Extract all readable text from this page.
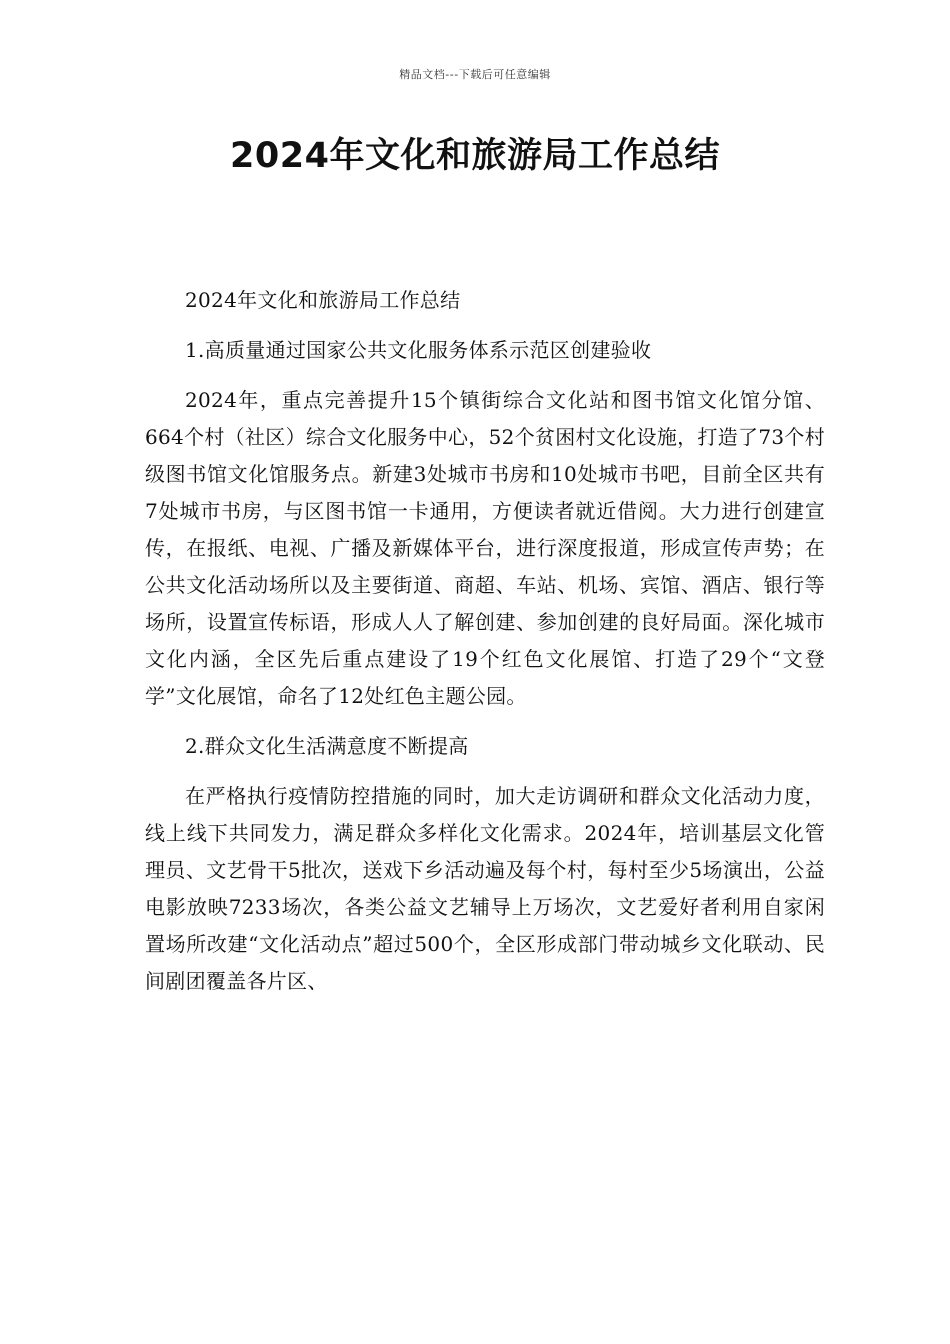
精品文档---下载后可任意编辑
2024年文化和旅游局工作总结

2024年文化和旅游局工作总结

1.高质量通过国家公共文化服务体系示范区创建验收

2024年，重点完善提升15个镇街综合文化站和图书馆文化馆分馆、664个村（社区）综合文化服务中心，52个贫困村文化设施，打造了73个村级图书馆文化馆服务点。新建3处城市书房和10处城市书吧，目前全区共有7处城市书房，与区图书馆一卡通用，方便读者就近借阅。大力进行创建宣传，在报纸、电视、广播及新媒体平台，进行深度报道，形成宣传声势；在公共文化活动场所以及主要街道、商超、车站、机场、宾馆、酒店、银行等场所，设置宣传标语，形成人人了解创建、参加创建的良好局面。深化城市文化内涵，全区先后重点建设了19个红色文化展馆、打造了29个“文登学”文化展馆，命名了12处红色主题公园。

2.群众文化生活满意度不断提高

在严格执行疫情防控措施的同时，加大走访调研和群众文化活动力度，线上线下共同发力，满足群众多样化文化需求。2024年，培训基层文化管理员、文艺骨干5批次，送戏下乡活动遍及每个村，每村至少5场演出，公益电影放映7233场次，各类公益文艺辅导上万场次，文艺爱好者利用自家闲置场所改建“文化活动点”超过500个，全区形成部门带动城乡文化联动、民间剧团覆盖各片区、
